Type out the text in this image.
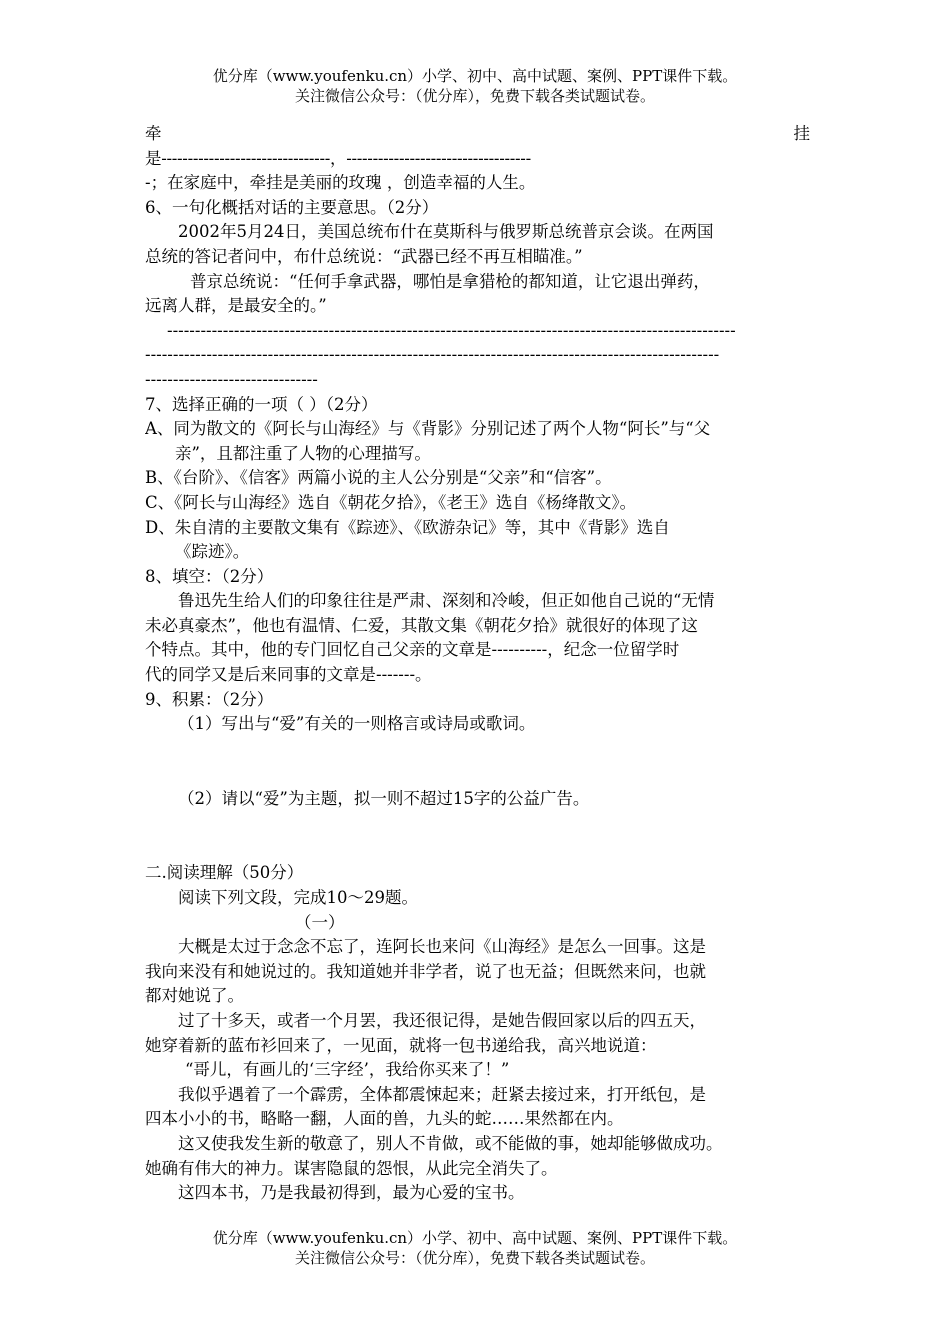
优分库（www.youfenku.cn）小学、初中、高中试题、案例、PPT课件下载。
关注微信公众号：（优分库），免费下载各类试题试卷。
牵	挂
是--------------------------------，-----------------------------------
-；在家庭中，牵挂是美丽的玫瑰 ，创造幸福的人生。
6、一句化概括对话的主要意思。（2分）
2002年5月24日，美国总统布什在莫斯科与俄罗斯总统普京会谈。在两国
总统的答记者问中，布什总统说：“武器已经不再互相瞄准。”
普京总统说：“任何手拿武器，哪怕是拿猎枪的都知道，让它退出弹药，
远离人群，是最安全的。”
------------------------------------------------------------------------------------------------------
-------------------------------------------------------------------------------------------------------
-------------------------------
7、选择正确的一项（ ）（2分）
A、同为散文的《阿长与山海经》与《背影》分别记述了两个人物“阿长”与“父
亲”，且都注重了人物的心理描写。
B、《台阶》、《信客》两篇小说的主人公分别是“父亲”和“信客”。
C、《阿长与山海经》选自《朝花夕拾》，《老王》选自《杨绛散文》。
D、朱自清的主要散文集有《踪迹》、《欧游杂记》等，其中《背影》选自
《踪迹》。
8、填空：（2分）
鲁迅先生给人们的印象往往是严肃、深刻和冷峻，但正如他自己说的“无情
未必真豪杰”，他也有温情、仁爱，其散文集《朝花夕拾》就很好的体现了这
个特点。其中，他的专门回忆自己父亲的文章是----------，纪念一位留学时
代的同学又是后来同事的文章是-------。
9、积累：（2分）
（1）写出与“爱”有关的一则格言或诗局或歌词。
（2）请以“爱”为主题，拟一则不超过15字的公益广告。
二.阅读理解（50分）
阅读下列文段，完成10～29题。
（一）
大概是太过于念念不忘了，连阿长也来问《山海经》是怎么一回事。这是
我向来没有和她说过的。我知道她并非学者，说了也无益；但既然来问，也就
都对她说了。
过了十多天，或者一个月罢，我还很记得，是她告假回家以后的四五天，
她穿着新的蓝布衫回来了，一见面，就将一包书递给我，高兴地说道：
“哥儿，有画儿的‘三字经’，我给你买来了！”
我似乎遇着了一个霹雳，全体都震悚起来；赶紧去接过来，打开纸包，是
四本小小的书，略略一翻，人面的兽，九头的蛇……果然都在内。
这又使我发生新的敬意了，别人不肯做，或不能做的事，她却能够做成功。
她确有伟大的神力。谋害隐鼠的怨恨，从此完全消失了。
这四本书，乃是我最初得到，最为心爱的宝书。
优分库（www.youfenku.cn）小学、初中、高中试题、案例、PPT课件下载。
关注微信公众号：（优分库），免费下载各类试题试卷。
